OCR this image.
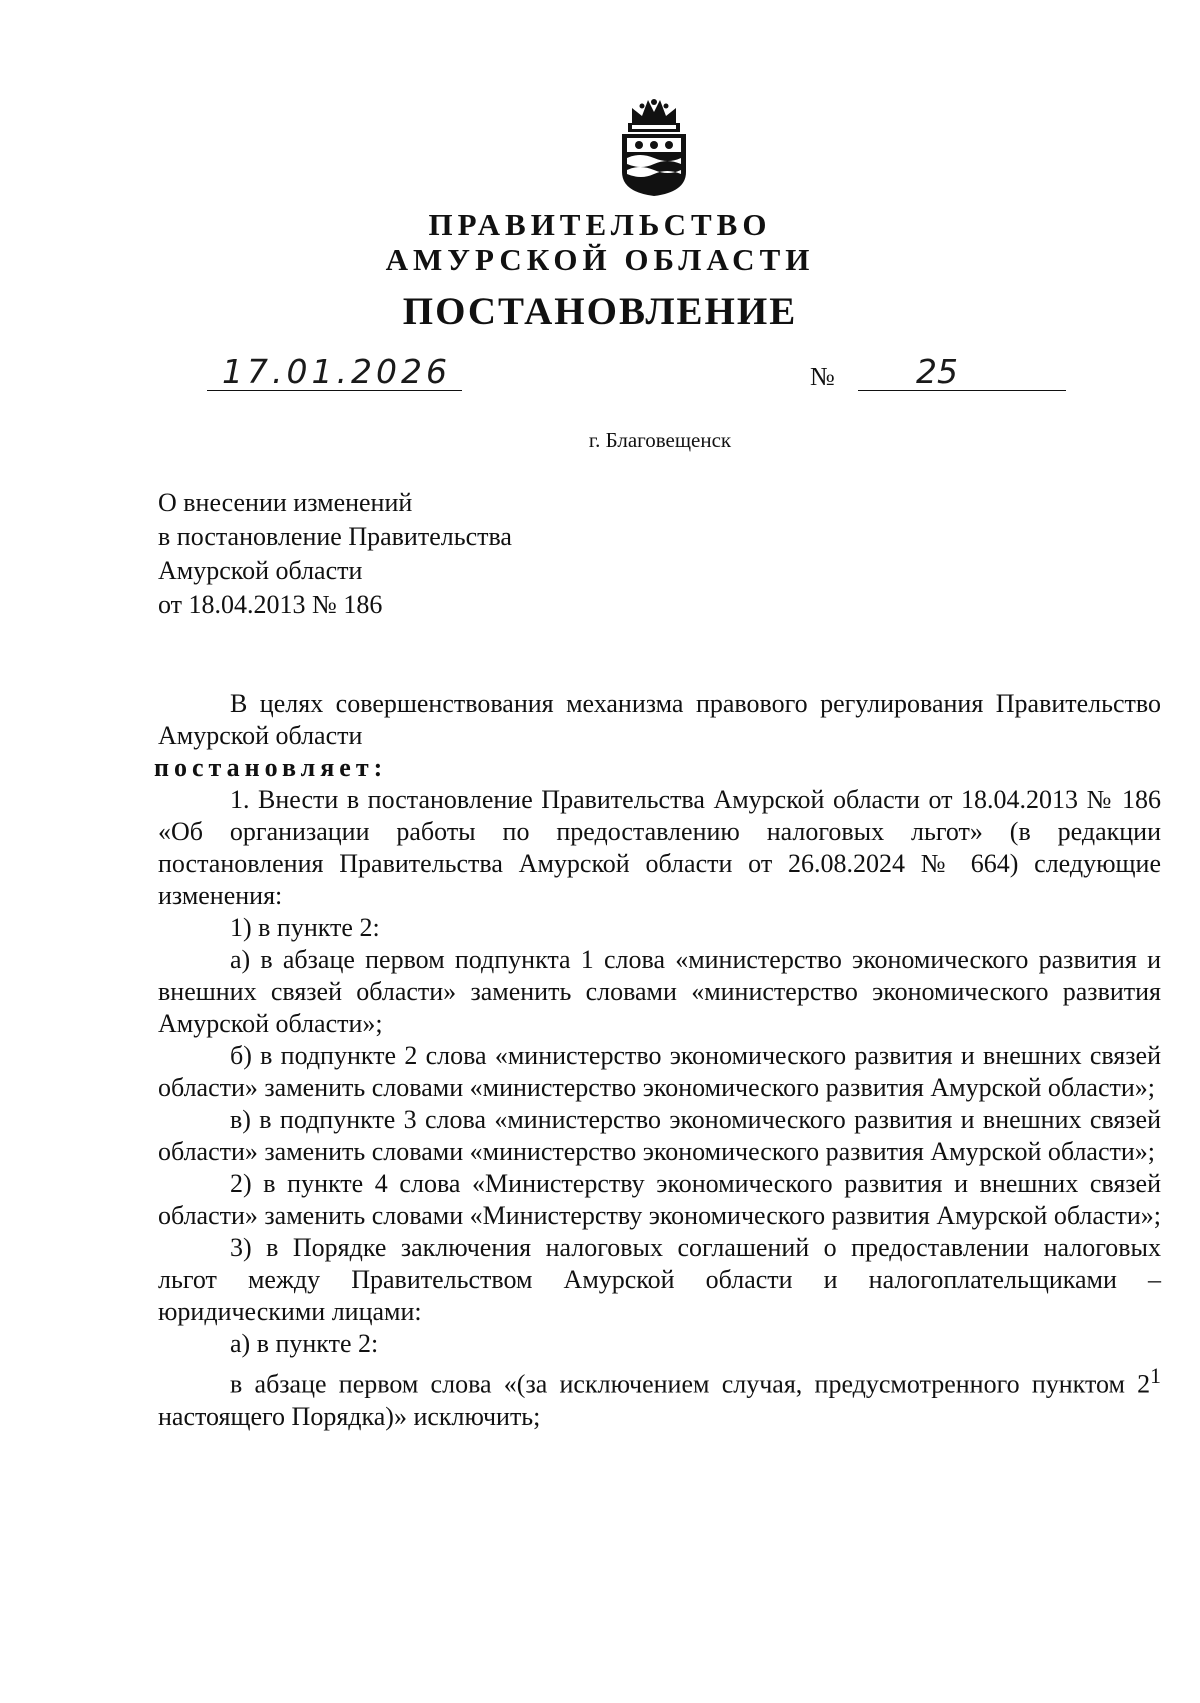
ПРАВИТЕЛЬСТВО
АМУРСКОЙ ОБЛАСТИ
ПОСТАНОВЛЕНИЕ
17.01.2026	№ 25
г. Благовещенск
О внесении изменений
в постановление Правительства
Амурской области
от 18.04.2013 № 186

В целях совершенствования механизма правового регулирования Правительство Амурской области

постановляет:

1. Внести в постановление Правительства Амурской области от 18.04.2013 № 186 «Об организации работы по предоставлению налоговых льгот» (в редакции постановления Правительства Амурской области от 26.08.2024 № 664) следующие изменения:

1) в пункте 2:

а) в абзаце первом подпункта 1 слова «министерство экономического развития и внешних связей области» заменить словами «министерство экономического развития Амурской области»;

б) в подпункте 2 слова «министерство экономического развития и внешних связей области» заменить словами «министерство экономического развития Амурской области»;

в) в подпункте 3 слова «министерство экономического развития и внешних связей области» заменить словами «министерство экономического развития Амурской области»;

2) в пункте 4 слова «Министерству экономического развития и внешних связей области» заменить словами «Министерству экономического развития Амурской области»;

3) в Порядке заключения налоговых соглашений о предоставлении налоговых льгот между Правительством Амурской области и налогоплательщиками – юридическими лицами:

а) в пункте 2:

в абзаце первом слова «(за исключением случая, предусмотренного пунктом $2^1$ настоящего Порядка)» исключить;
